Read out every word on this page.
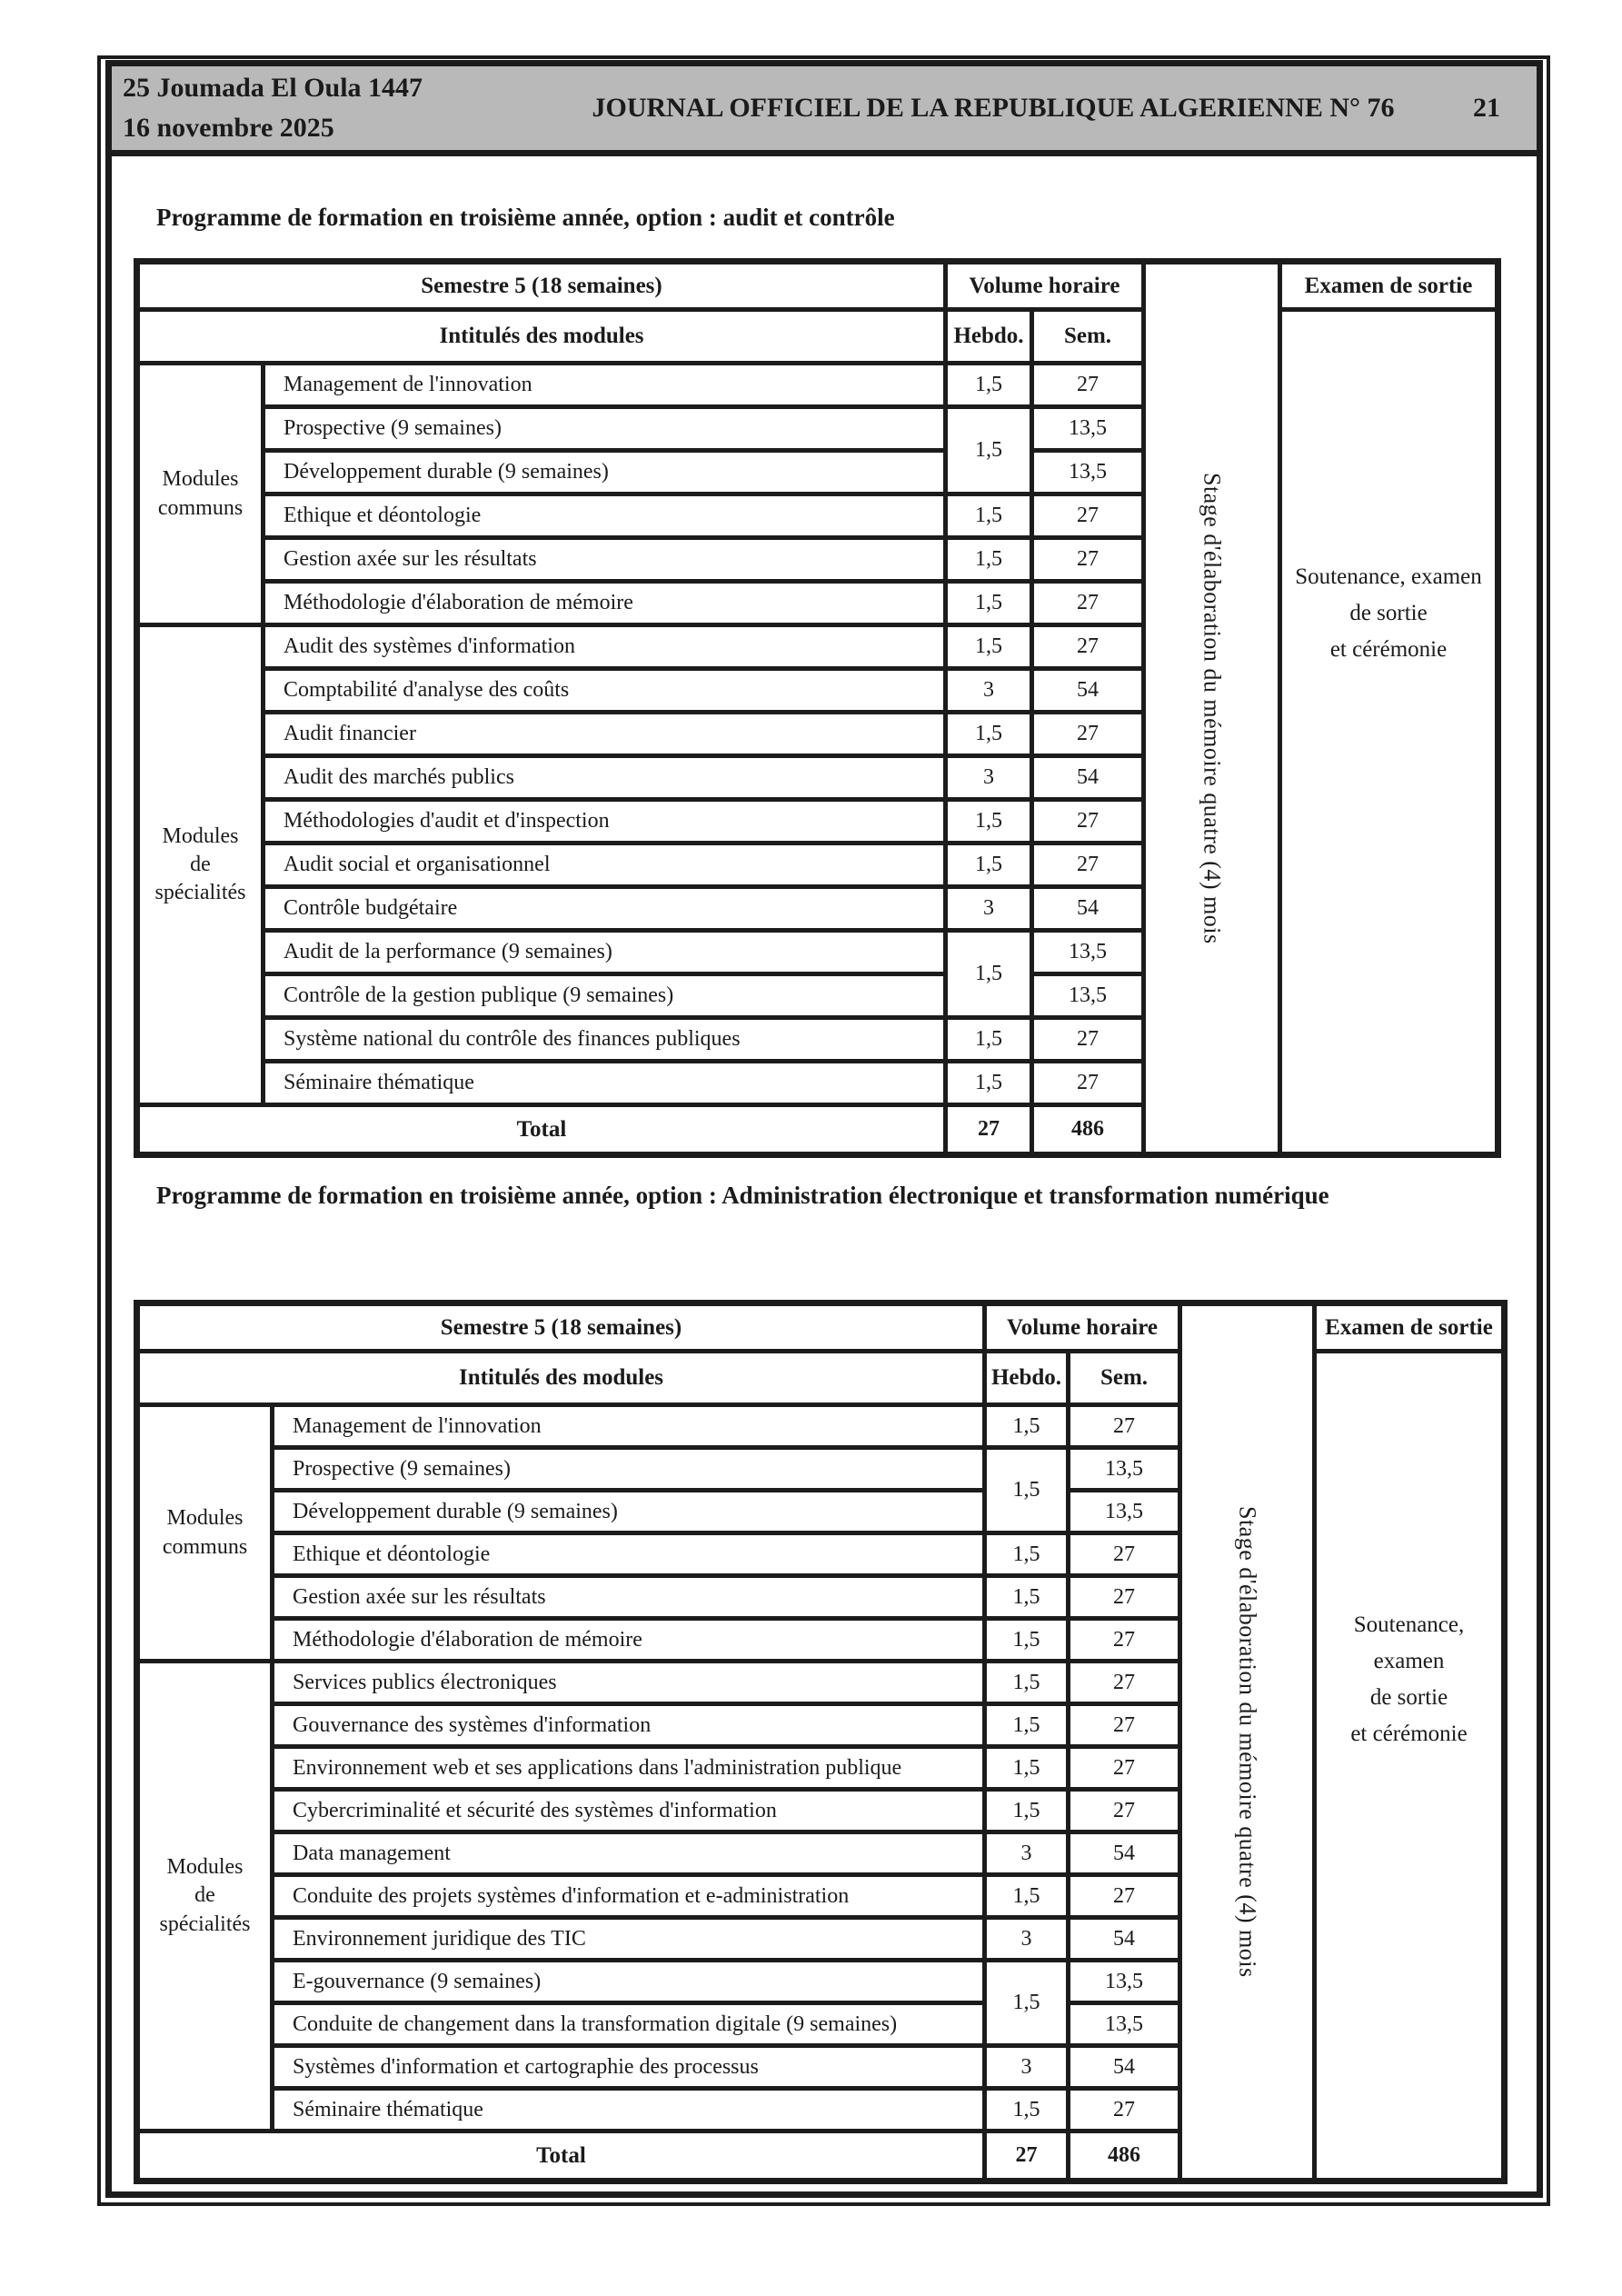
25 Joumada El Oula 1447
16 novembre 2025
JOURNAL OFFICIEL DE LA REPUBLIQUE ALGERIENNE N° 76	21
Programme de formation en troisième année, option : audit et contrôle
Semestre 5 (18 semaines)		Volume horaire		Stage d'élaboration du mémoire quatre (4) mois	Examen de sortie
Intitulés des modules		Hebdo.	Sem.		Soutenance, examen
de sortie
et cérémonie

Modules
communs	Management de l'innovation	1,5	27		
	Prospective (9 semaines)	1,5	13,5		
	Développement durable (9 semaines)		13,5		
	Ethique et déontologie	1,5	27		
	Gestion axée sur les résultats	1,5	27		
	Méthodologie d'élaboration de mémoire	1,5	27		

Modules
de
spécialités	Audit des systèmes d'information	1,5	27		
	Comptabilité d'analyse des coûts	3	54		
	Audit financier	1,5	27		
	Audit des marchés publics	3	54		
	Méthodologies d'audit et d'inspection	1,5	27		
	Audit social et organisationnel	1,5	27		
	Contrôle budgétaire	3	54		
	Audit de la performance (9 semaines)	1,5	13,5		
	Contrôle de la gestion publique (9 semaines)		13,5		
	Système national du contrôle des finances publiques	1,5	27		
	Séminaire thématique	1,5	27		
Total		27	486		
Programme de formation en troisième année, option : Administration électronique et transformation numérique
Semestre 5 (18 semaines)		Volume horaire		Stage d'élaboration du mémoire quatre (4) mois	Examen de sortie
Intitulés des modules		Hebdo.	Sem.		Soutenance,
examen
de sortie
et cérémonie

Modules
communs	Management de l'innovation	1,5	27		
	Prospective (9 semaines)	1,5	13,5		
	Développement durable (9 semaines)		13,5		
	Ethique et déontologie	1,5	27		
	Gestion axée sur les résultats	1,5	27		
	Méthodologie d'élaboration de mémoire	1,5	27		

Modules
de
spécialités	Services publics électroniques	1,5	27		
	Gouvernance des systèmes d'information	1,5	27		
	Environnement web et ses applications dans l'administration publique	1,5	27		
	Cybercriminalité et sécurité des systèmes d'information	1,5	27		
	Data management	3	54		
	Conduite des projets systèmes d'information et e-administration	1,5	27		
	Environnement juridique des TIC	3	54		
	E-gouvernance (9 semaines)	1,5	13,5		
	Conduite de changement dans la transformation digitale (9 semaines)		13,5		
	Systèmes d'information et cartographie des processus	3	54		
	Séminaire thématique	1,5	27		
Total		27	486		
